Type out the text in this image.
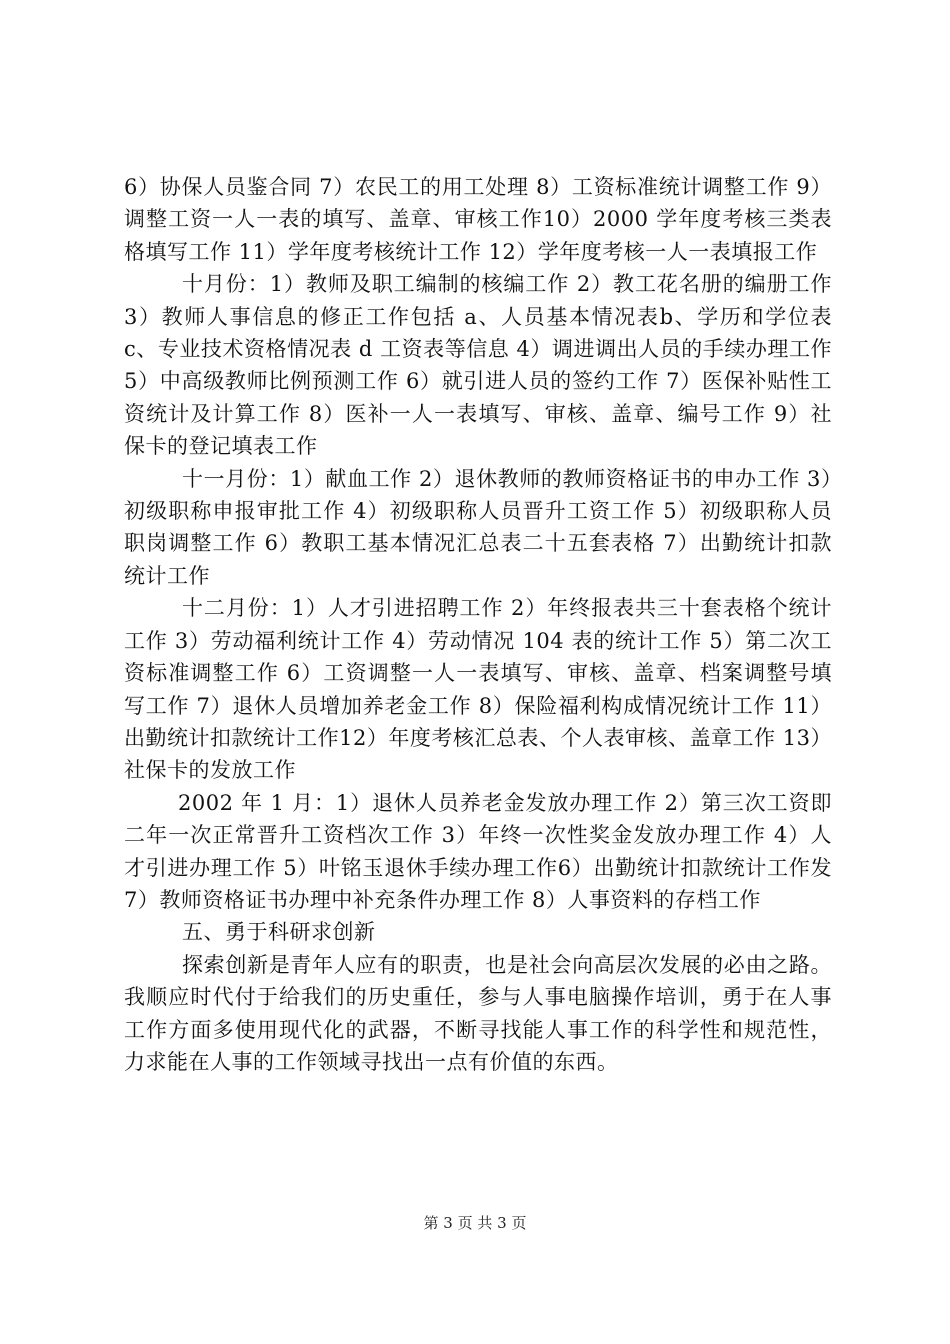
6）协保人员鉴合同 7）农民工的用工处理 8）工资标准统计调整工作 9）调整工资一人一表的填写、盖章、审核工作10）2000 学年度考核三类表格填写工作 11）学年度考核统计工作 12）学年度考核一人一表填报工作

十月份：1）教师及职工编制的核编工作 2）教工花名册的编册工作 3）教师人事信息的修正工作包括 a、人员基本情况表b、学历和学位表 c、专业技术资格情况表 d 工资表等信息 4）调进调出人员的手续办理工作 5）中高级教师比例预测工作 6）就引进人员的签约工作 7）医保补贴性工资统计及计算工作 8）医补一人一表填写、审核、盖章、编号工作 9）社保卡的登记填表工作

十一月份：1）献血工作 2）退休教师的教师资格证书的申办工作 3）初级职称申报审批工作 4）初级职称人员晋升工资工作 5）初级职称人员职岗调整工作 6）教职工基本情况汇总表二十五套表格 7）出勤统计扣款统计工作

十二月份：1）人才引进招聘工作 2）年终报表共三十套表格个统计工作 3）劳动福利统计工作 4）劳动情况 104 表的统计工作 5）第二次工资标准调整工作 6）工资调整一人一表填写、审核、盖章、档案调整号填写工作 7）退休人员增加养老金工作 8）保险福利构成情况统计工作 11）出勤统计扣款统计工作12）年度考核汇总表、个人表审核、盖章工作 13）社保卡的发放工作

2002 年 1 月：1）退休人员养老金发放办理工作 2）第三次工资即二年一次正常晋升工资档次工作 3）年终一次性奖金发放办理工作 4）人才引进办理工作 5）叶铭玉退休手续办理工作6）出勤统计扣款统计工作发 7）教师资格证书办理中补充条件办理工作 8）人事资料的存档工作

五、勇于科研求创新

探索创新是青年人应有的职责，也是社会向高层次发展的必由之路。我顺应时代付于给我们的历史重任，参与人事电脑操作培训，勇于在人事工作方面多使用现代化的武器，不断寻找能人事工作的科学性和规范性，力求能在人事的工作领域寻找出一点有价值的东西。

第 3 页 共 3 页
